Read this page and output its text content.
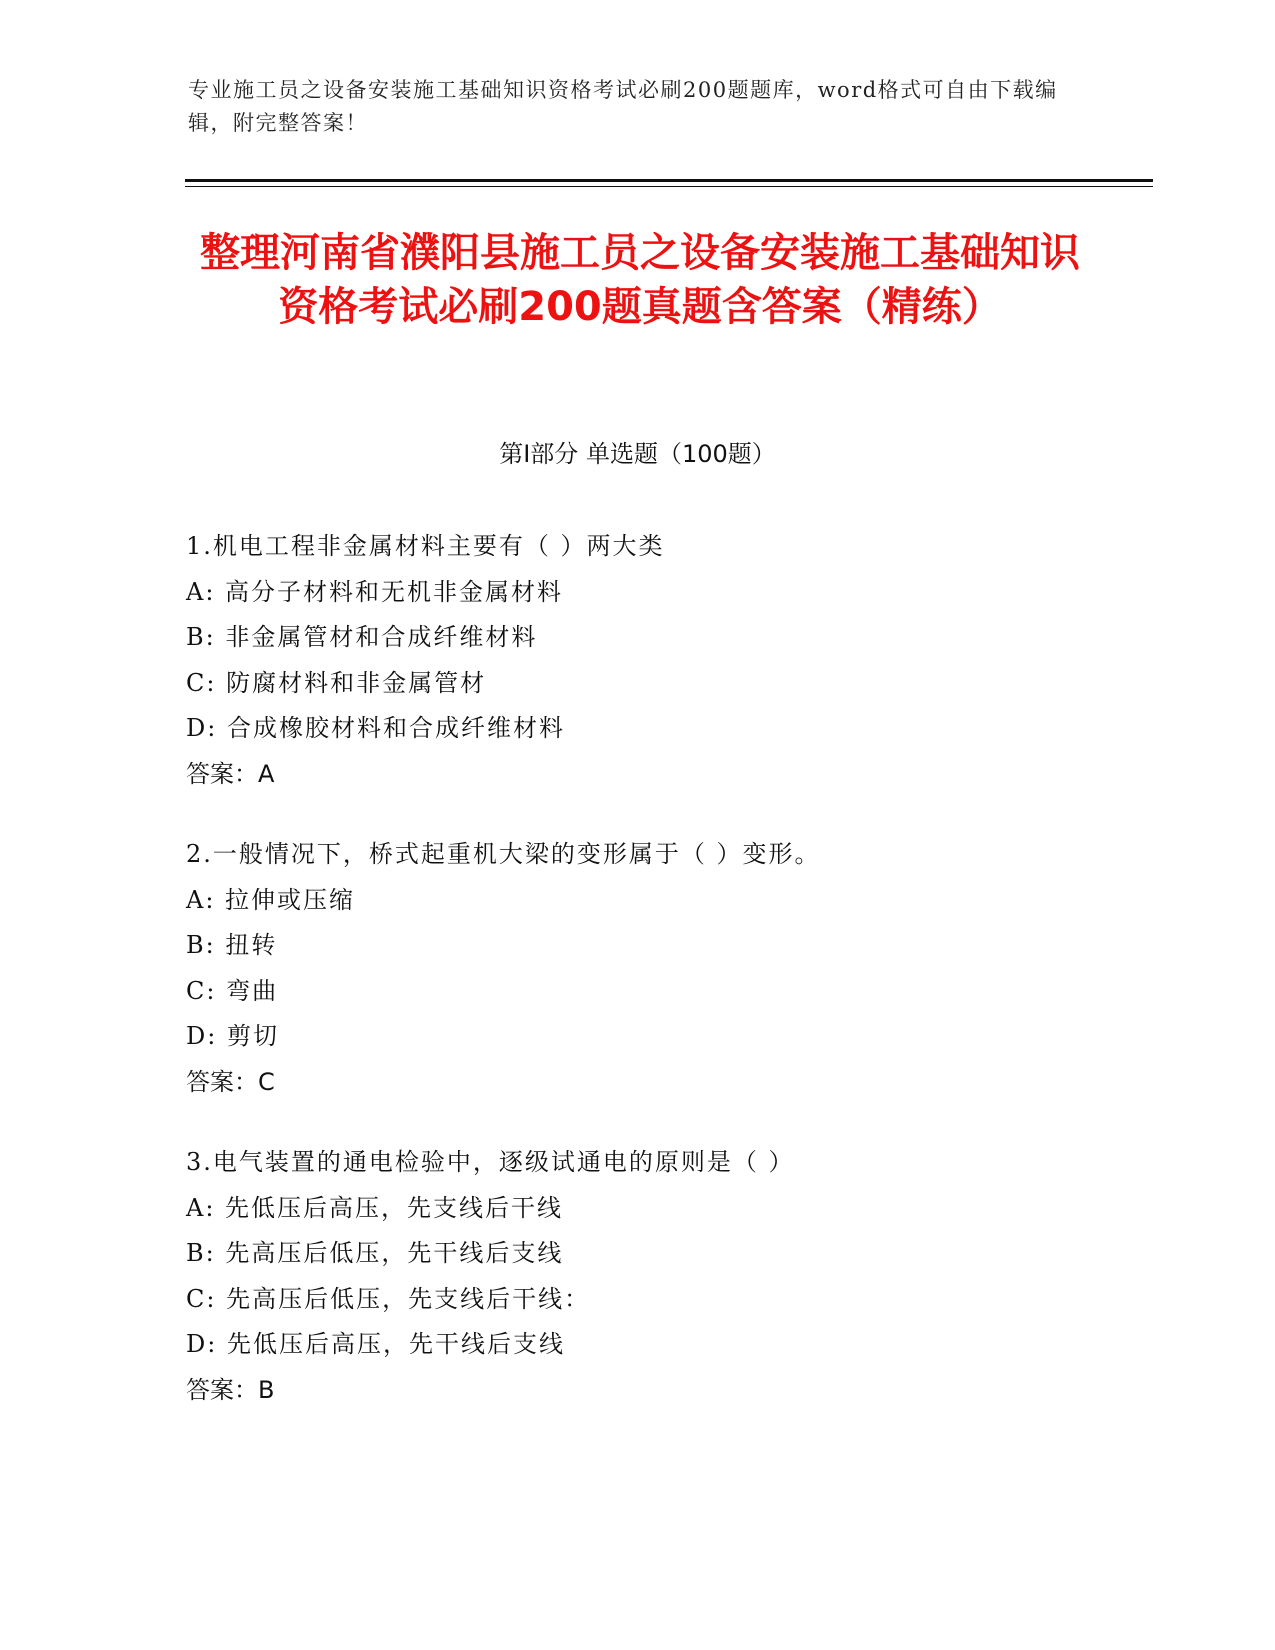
专业施工员之设备安装施工基础知识资格考试必刷200题题库，word格式可自由下载编辑，附完整答案！
整理河南省濮阳县施工员之设备安装施工基础知识资格考试必刷200题真题含答案（精练）
第I部分 单选题（100题）
1.机电工程非金属材料主要有（ ）两大类
A: 高分子材料和无机非金属材料
B: 非金属管材和合成纤维材料
C: 防腐材料和非金属管材
D: 合成橡胶材料和合成纤维材料
答案：A
2.一般情况下，桥式起重机大梁的变形属于（ ）变形。
A: 拉伸或压缩
B: 扭转
C: 弯曲
D: 剪切
答案：C
3.电气装置的通电检验中，逐级试通电的原则是（ ）
A: 先低压后高压，先支线后干线
B: 先高压后低压，先干线后支线
C: 先高压后低压，先支线后干线：
D: 先低压后高压，先干线后支线
答案：B
